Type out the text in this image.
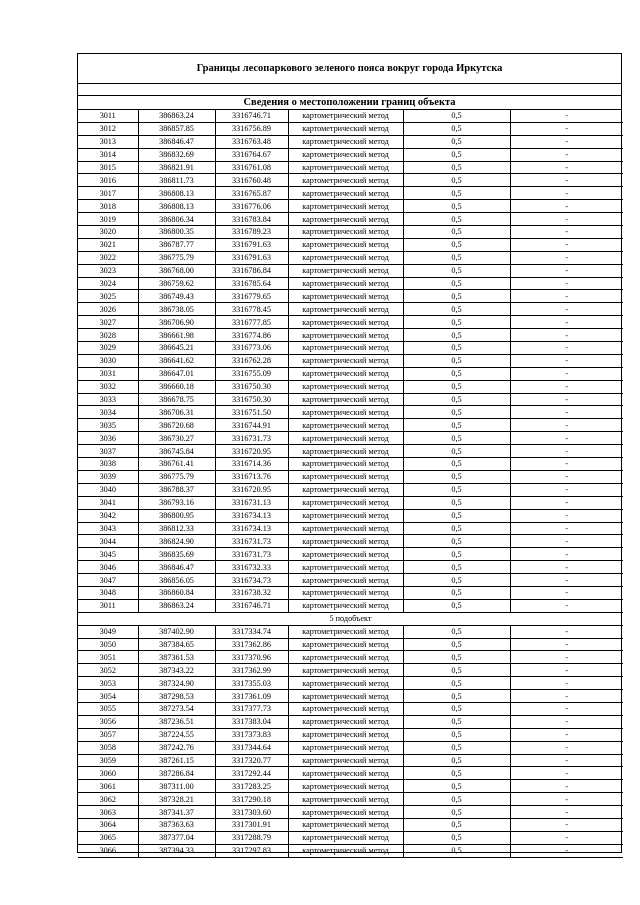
Границы лесопаркового зеленого пояса вокруг города Иркутска
Сведения о местоположении границ объекта
3011	386863.24	3316746.71	картометрический метод	0,5	-
3012	386857.85	3316756.89	картометрический метод	0,5	-
3013	386846.47	3316763.48	картометрический метод	0,5	-
3014	386832.69	3316764.67	картометрический метод	0,5	-
3015	386821.91	3316761.08	картометрический метод	0,5	-
3016	386811.73	3316760.48	картометрический метод	0,5	-
3017	386808.13	3316765.87	картометрический метод	0,5	-
3018	386808.13	3316776.06	картометрический метод	0,5	-
3019	386806.34	3316783.84	картометрический метод	0,5	-
3020	386800.35	3316789.23	картометрический метод	0,5	-
3021	386787.77	3316791.63	картометрический метод	0,5	-
3022	386775.79	3316791.63	картометрический метод	0,5	-
3023	386768.00	3316786.84	картометрический метод	0,5	-
3024	386759.62	3316785.64	картометрический метод	0,5	-
3025	386749.43	3316779.65	картометрический метод	0,5	-
3026	386738.05	3316778.45	картометрический метод	0,5	-
3027	386706.90	3316777.85	картометрический метод	0,5	-
3028	386661.98	3316774.86	картометрический метод	0,5	-
3029	386645.21	3316773.06	картометрический метод	0,5	-
3030	386641.62	3316762.28	картометрический метод	0,5	-
3031	386647.01	3316755.09	картометрический метод	0,5	-
3032	386660.18	3316750.30	картометрический метод	0,5	-
3033	386678.75	3316750.30	картометрический метод	0,5	-
3034	386706.31	3316751.50	картометрический метод	0,5	-
3035	386720.68	3316744.91	картометрический метод	0,5	-
3036	386730.27	3316731.73	картометрический метод	0,5	-
3037	386745.84	3316720.95	картометрический метод	0,5	-
3038	386761.41	3316714.36	картометрический метод	0,5	-
3039	386775.79	3316713.76	картометрический метод	0,5	-
3040	386788.37	3316720.95	картометрический метод	0,5	-
3041	386793.16	3316731.13	картометрический метод	0,5	-
3042	386800.95	3316734.13	картометрический метод	0,5	-
3043	386812.33	3316734.13	картометрический метод	0,5	-
3044	386824.90	3316731.73	картометрический метод	0,5	-
3045	386835.69	3316731.73	картометрический метод	0,5	-
3046	386846.47	3316732.33	картометрический метод	0,5	-
3047	386856.05	3316734.73	картометрический метод	0,5	-
3048	386860.84	3316738.32	картометрический метод	0,5	-
3011	386863.24	3316746.71	картометрический метод	0,5	-
5 подобъект					
3049	387402.90	3317334.74	картометрический метод	0,5	-
3050	387384.65	3317362.86	картометрический метод	0,5	-
3051	387361.53	3317370.96	картометрический метод	0,5	-
3052	387343.22	3317362.99	картометрический метод	0,5	-
3053	387324.90	3317355.03	картометрический метод	0,5	-
3054	387298.53	3317361.09	картометрический метод	0,5	-
3055	387273.54	3317377.73	картометрический метод	0,5	-
3056	387236.51	3317383.04	картометрический метод	0,5	-
3057	387224.55	3317373.83	картометрический метод	0,5	-
3058	387242.76	3317344.64	картометрический метод	0,5	-
3059	387261.15	3317320.77	картометрический метод	0,5	-
3060	387286.84	3317292.44	картометрический метод	0,5	-
3061	387311.00	3317283.25	картометрический метод	0,5	-
3062	387328.21	3317290.18	картометрический метод	0,5	-
3063	387341.37	3317303.60	картометрический метод	0,5	-
3064	387363.63	3317301.91	картометрический метод	0,5	-
3065	387377.04	3317288.79	картометрический метод	0,5	-
3066	387394.33	3317297.83	картометрический метод	0,5	-
